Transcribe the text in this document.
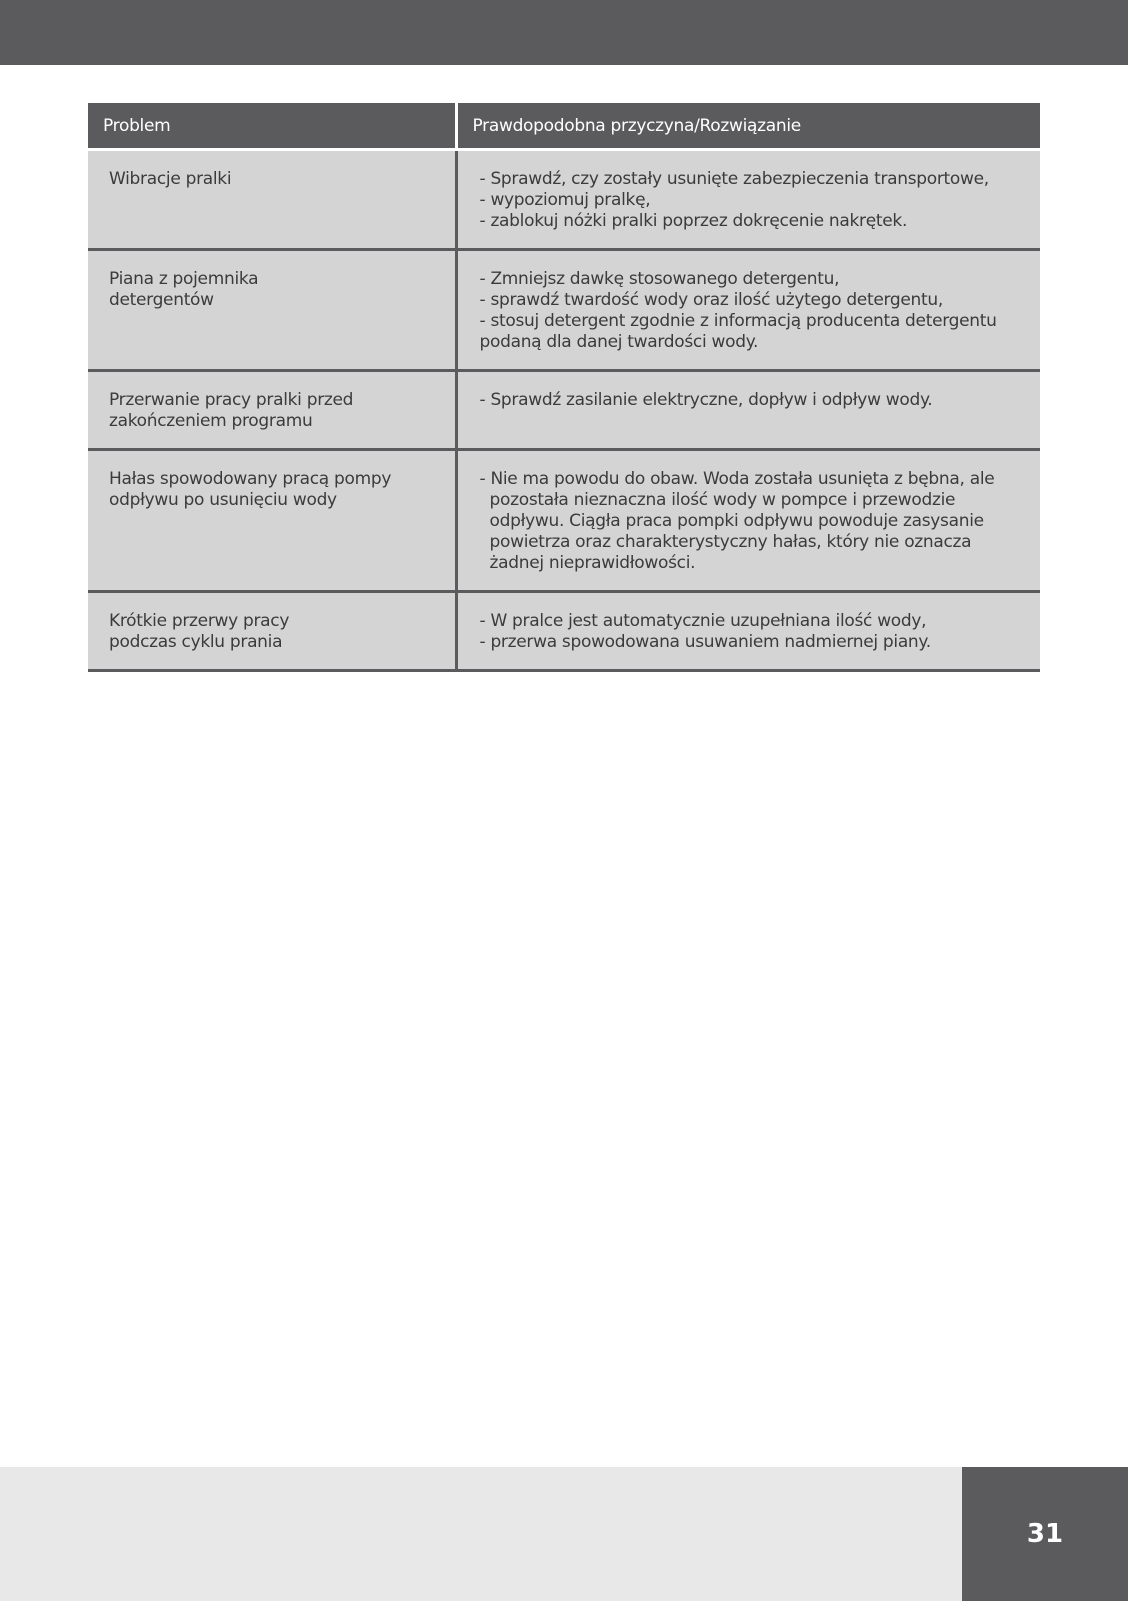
Problem	Prawdopodobna przyczyna/Rozwiązanie

Wibracje pralki	- Sprawdź, czy zostały usunięte zabezpieczenia transportowe,
- wypoziomuj pralkę,
- zablokuj nóżki pralki poprzez dokręcenie nakrętek.

Piana z pojemnika
detergentów	- Zmniejsz dawkę stosowanego detergentu,
- sprawdź twardość wody oraz ilość użytego detergentu,
- stosuj detergent zgodnie z informacją producenta detergentu
podaną dla danej twardości wody.

Przerwanie pracy pralki przed
zakończeniem programu	- Sprawdź zasilanie elektryczne, dopływ i odpływ wody.

Hałas spowodowany pracą pompy
odpływu po usunięciu wody	- Nie ma powodu do obaw. Woda została usunięta z bębna, ale pozostała nieznaczna ilość wody w pompce i przewodzie odpływu. Ciągła praca pompki odpływu powoduje zasysanie powietrza oraz charakterystyczny hałas, który nie oznacza żadnej nieprawidłowości.

Krótkie przerwy pracy
podczas cyklu prania	- W pralce jest automatycznie uzupełniana ilość wody,
- przerwa spowodowana usuwaniem nadmiernej piany.
31
